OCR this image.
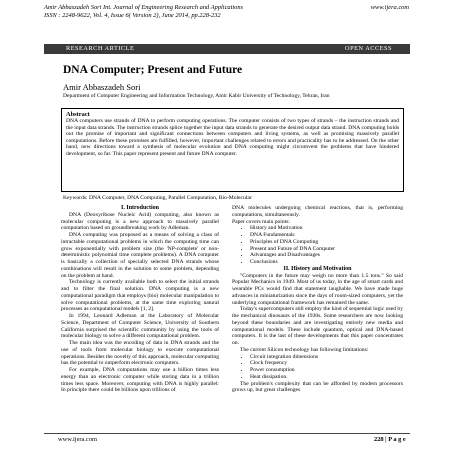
Amir Abbaszadeh Sori Int. Journal of Engineering Research and Applications
ISSN : 2248-9622, Vol. 4, Issue 6( Version 2), June 2014, pp.228-232
www.ijera.com
RESEARCH ARTICLE	OPEN ACCESS
DNA Computer; Present and Future
Amir Abbaszadeh Sori
Department of Computer Engineering and Information Technology, Amir Kabir University of Technology, Tehran, Iran
Abstract
DNA computers use strands of DNA to perform computing operations. The computer consists of two types of strands – the instruction strands and the input data strands. The instruction strands splice together the input data strands to generate the desired output data strand. DNA computing holds out the promise of important and significant connections between computers and living systems, as well as promising massively parallel computations. Before these promises are fulfilled, however, important challenges related to errors and practicality has to be addressed. On the other hand, new directions toward a synthesis of molecular evolution and DNA computing might circumvent the problems that have hindered development, so far. This paper represent present and future DNA computer.
Keywords: DNA Computer, DNA Computing, Parallel Computation, Bio-Molecular
I. Introduction

DNA (Deoxyribose Nucleic Acid) computing, also known as molecular computing is a new approach to massively parallel computation based on groundbreaking work by Adleman.

DNA computing was proposed as a means of solving a class of intractable computational problems in which the computing time can grow exponentially with problem size (the 'NP-complete' or non-deterministic polynomial time complete problems). A DNA computer is basically a collection of specially selected DNA strands whose combinations will result in the solution to some problem, depending on the problem at hand.

Technology is currently available both to select the initial strands and to filter the final solution. DNA computing is a new computational paradigm that employs (bio) molecular manipulation to solve computational problems, at the same time exploring natural processes as computational models [1, 2].

In 1994, Leonard Adleman at the Laboratory of Molecular Science, Department of Computer Science, University of Southern California surprised the scientific community by using the tools of molecular biology to solve a different computational problem.

The main idea was the encoding of data in DNA strands and the use of tools from molecular biology to execute computational operations. Besides the novelty of this approach, molecular computing has the potential to outperform electronic computers.

For example, DNA computations may use a billion times less energy than an electronic computer while storing data in a trillion times less space. Moreover, computing with DNA is highly parallel: In principle there could be billions upon trillions of

DNA molecules undergoing chemical reactions, that is, performing computations, simultaneously.
Paper covers main points:
• History and Motivation
• DNA Fundamentals
• Principles of DNA Computing
• Present and Future of DNA Computer
• Advantages and Disadvantages
• Conclusions
II. History and Motivation

"Computers in the future may weigh no more than 1.5 tons." So said Popular Mechanics in 1949. Most of us today, in the age of smart cards and wearable PCs would find that statement laughable. We have made huge advances in miniaturization since the days of room-sized computers, yet the underlying computational framework has remained the same.

Today's supercomputers still employ the kind of sequential logic used by the mechanical dinosaurs of the 1930s. Some researchers are now looking beyond these boundaries and are investigating entirely new media and computational models. These include quantum, optical and DNA-based computers. It is the last of these developments that this paper concentrates on.

The current Silicon technology has following limitations:

• Circuit integration dimensions
• Clock frequency
• Power consumption
• Heat dissipation.

The problem's complexity that can be afforded by modern processors grows up, but great challenges

www.ijera.com	228 | P a g e
